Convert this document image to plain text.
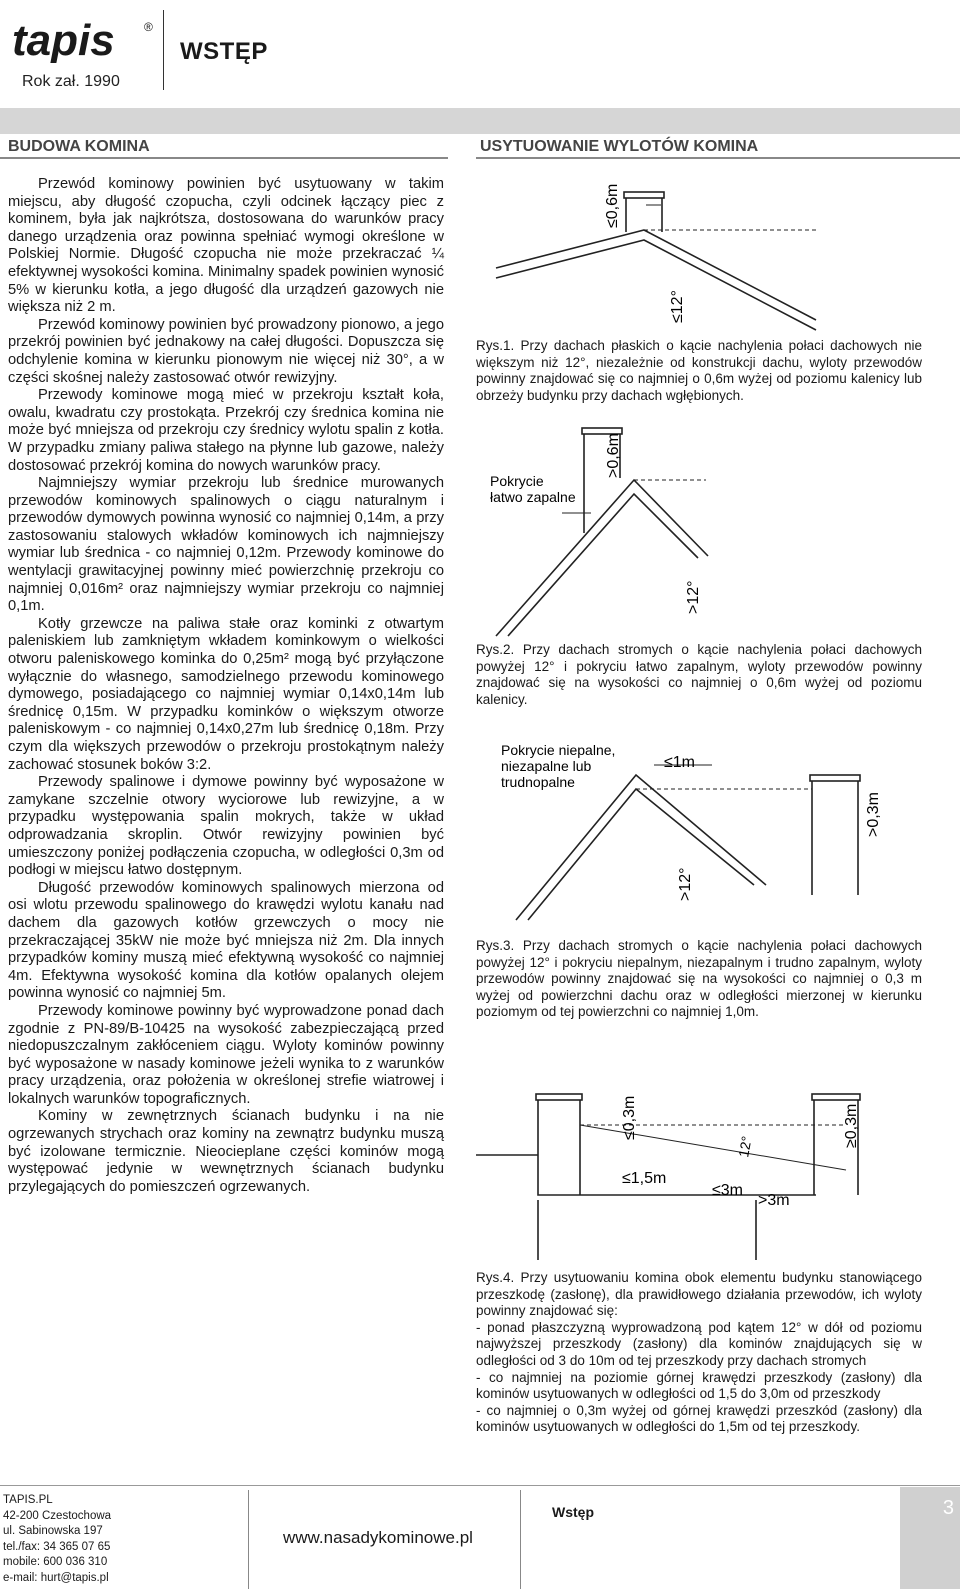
tapis ®
Rok zał. 1990
WSTĘP
BUDOWA KOMINA	USYTUOWANIE WYLOTÓW KOMINA

Przewód kominowy powinien być usytuowany w takim miejscu, aby długość czopucha, czyli odcinek łączący piec z kominem, była jak najkrótsza, dostosowana do warunków pracy danego urządzenia oraz powinna spełniać wymogi określone w Polskiej Normie. Długość czopucha nie może przekraczać ¼ efektywnej wysokości komina. Minimalny spadek powinien wynosić 5% w kierunku kotła, a jego długość dla urządzeń gazowych nie większa niż 2 m.

Przewód kominowy powinien być prowadzony pionowo, a jego przekrój powinien być jednakowy na całej długości. Dopuszcza się odchylenie komina w kierunku pionowym nie więcej niż 30°, a w części skośnej należy zastosować otwór rewizyjny.

Przewody kominowe mogą mieć w przekroju kształt koła, owalu, kwadratu czy prostokąta. Przekrój czy średnica komina nie może być mniejsza od przekroju czy średnicy wylotu spalin z kotła. W przypadku zmiany paliwa stałego na płynne lub gazowe, należy dostosować przekrój komina do nowych warunków pracy.

Najmniejszy wymiar przekroju lub średnice murowanych przewodów kominowych spalinowych o ciągu naturalnym i przewodów dymowych powinna wynosić co najmniej 0,14m, a przy zastosowaniu stalowych wkładów kominowych ich najmniejszy wymiar lub średnica - co najmniej 0,12m. Przewody kominowe do wentylacji grawitacyjnej powinny mieć powierzchnię przekroju co najmniej 0,016m² oraz najmniejszy wymiar przekroju co najmniej 0,1m.

Kotły grzewcze na paliwa stałe oraz kominki z otwartym paleniskiem lub zamkniętym wkładem kominkowym o wielkości otworu paleniskowego kominka do 0,25m² mogą być przyłączone wyłącznie do własnego, samodzielnego przewodu kominowego dymowego, posiadającego co najmniej wymiar 0,14x0,14m lub średnicę 0,15m. W przypadku kominków o większym otworze paleniskowym - co najmniej 0,14x0,27m lub średnicę 0,18m. Przy czym dla większych przewodów o przekroju prostokątnym należy zachować stosunek boków 3:2.

Przewody spalinowe i dymowe powinny być wyposażone w zamykane szczelnie otwory wyciorowe lub rewizyjne, a w przypadku występowania spalin mokrych, także w układ odprowadzania skroplin. Otwór rewizyjny powinien być umieszczony poniżej podłączenia czopucha, w odległości 0,3m od podłogi w miejscu łatwo dostępnym.

Długość przewodów kominowych spalinowych mierzona od osi wlotu przewodu spalinowego do krawędzi wylotu kanału nad dachem dla gazowych kotłów grzewczych o mocy nie przekraczającej 35kW nie może być mniejsza niż 2m. Dla innych przypadków kominy muszą mieć efektywną wysokość co najmniej 4m. Efektywna wysokość komina dla kotłów opalanych olejem powinna wynosić co najmniej 5m.

Przewody kominowe powinny być wyprowadzone ponad dach zgodnie z PN-89/B-10425 na wysokość zabezpieczającą przed niedopuszczalnym zakłóceniem ciągu. Wyloty kominów powinny być wyposażone w nasady kominowe jeżeli wynika to z warunków pracy urządzenia, oraz położenia w określonej strefie wiatrowej i lokalnych warunków topograficznych.

Kominy w zewnętrznych ścianach budynku i na nie ogrzewanych strychach oraz kominy na zewnątrz budynku muszą być izolowane termicznie. Nieocieplane części kominów mogą występować jedynie w wewnętrznych ścianach budynku przylegających do pomieszczeń ogrzewanych.

≤0,6m
≤12°

Rys.1. Przy dachach płaskich o kącie nachylenia połaci dachowych nie większym niż 12°, niezależnie od konstrukcji dachu, wyloty przewodów powinny znajdować się co najmniej o 0,6m wyżej od poziomu kalenicy lub obrzeży budynku przy dachach wgłębionych.

Pokrycie
łatwo zapalne
>0,6m
>12°

Rys.2. Przy dachach stromych o kącie nachylenia połaci dachowych powyżej 12° i pokryciu łatwo zapalnym, wyloty przewodów powinny znajdować się na wysokości co najmniej o 0,6m wyżej od poziomu kalenicy.

Pokrycie niepalne,
niezapalne lub
trudnopalne
≤1m
>0,3m
>12°

Rys.3. Przy dachach stromych o kącie nachylenia połaci dachowych powyżej 12° i pokryciu niepalnym, niezapalnym i trudno zapalnym, wyloty przewodów powinny znajdować się na wysokości co najmniej o 0,3 m wyżej od powierzchni dachu oraz w odległości mierzonej w kierunku poziomym od tej powierzchni co najmniej 1,0m.

≤0,3m
12°	≥0,3m
≤1,5m
≤3m
>3m

Rys.4. Przy usytuowaniu komina obok elementu budynku stanowiącego przeszkodę (zasłonę), dla prawidłowego działania przewodów, ich wyloty powinny znajdować się:

- ponad płaszczyzną wyprowadzoną pod kątem 12° w dół od poziomu najwyższej przeszkody (zasłony) dla kominów znajdujących się w odległości od 3 do 10m od tej przeszkody przy dachach stromych

- co najmniej na poziomie górnej krawędzi przeszkody (zasłony) dla kominów usytuowanych w odległości od 1,5 do 3,0m od przeszkody

- co najmniej o 0,3m wyżej od górnej krawędzi przeszkód (zasłony) dla kominów usytuowanych w odległości do 1,5m od tej przeszkody.

TAPIS.PL
42-200 Czestochowa
ul. Sabinowska 197
tel./fax: 34 365 07 65
mobile: 600 036 310
e-mail: hurt@tapis.pl
www.nasadykominowe.pl
Wstęp	3
